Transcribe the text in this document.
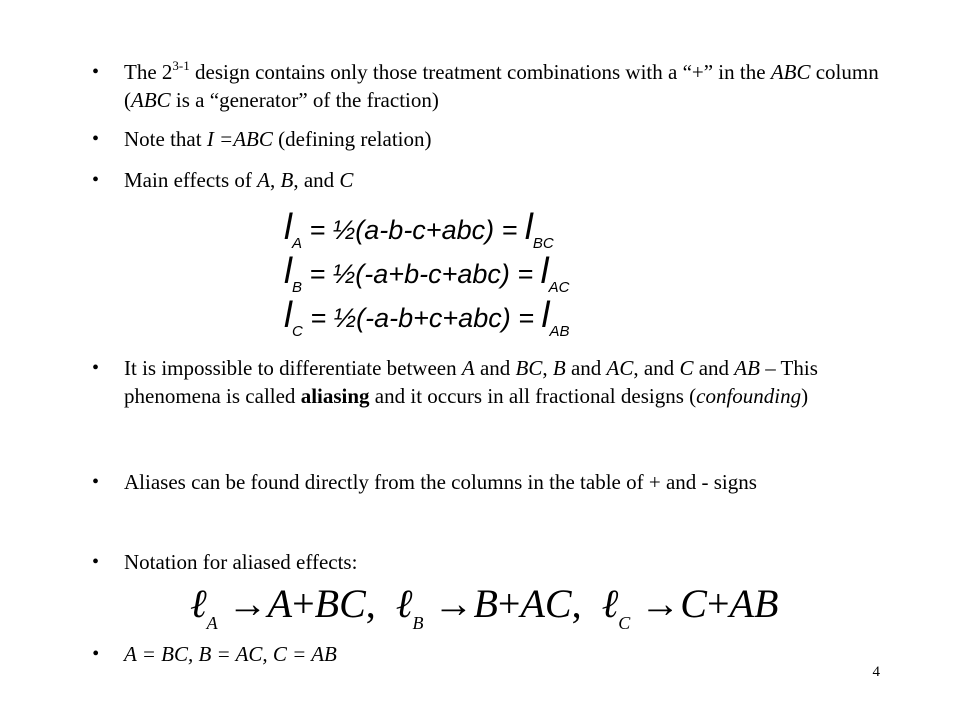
• The 2$^{3-1}$ design contains only those treatment combinations with a “+” in the ABC column (ABC is a “generator” of the fraction)
• Note that I =ABC (defining relation)
• Main effects of A, B, and C
$l_A$ = ½(a-b-c+abc) = $l_{BC}$
$l_B$ = ½(-a+b-c+abc) = $l_{AC}$
$l_C$ = ½(-a-b+c+abc) = $l_{AB}$
• It is impossible to differentiate between A and BC, B and AC, and C and AB – This phenomena is called aliasing and it occurs in all fractional designs (confounding)
• Aliases can be found directly from the columns in the table of + and - signs
• Notation for aliased effects:
ℓ$_A$ →A+BC, ℓ$_B$ →B+AC, ℓ$_C$ →C+AB
• A = BC, B = AC, C = AB
4
